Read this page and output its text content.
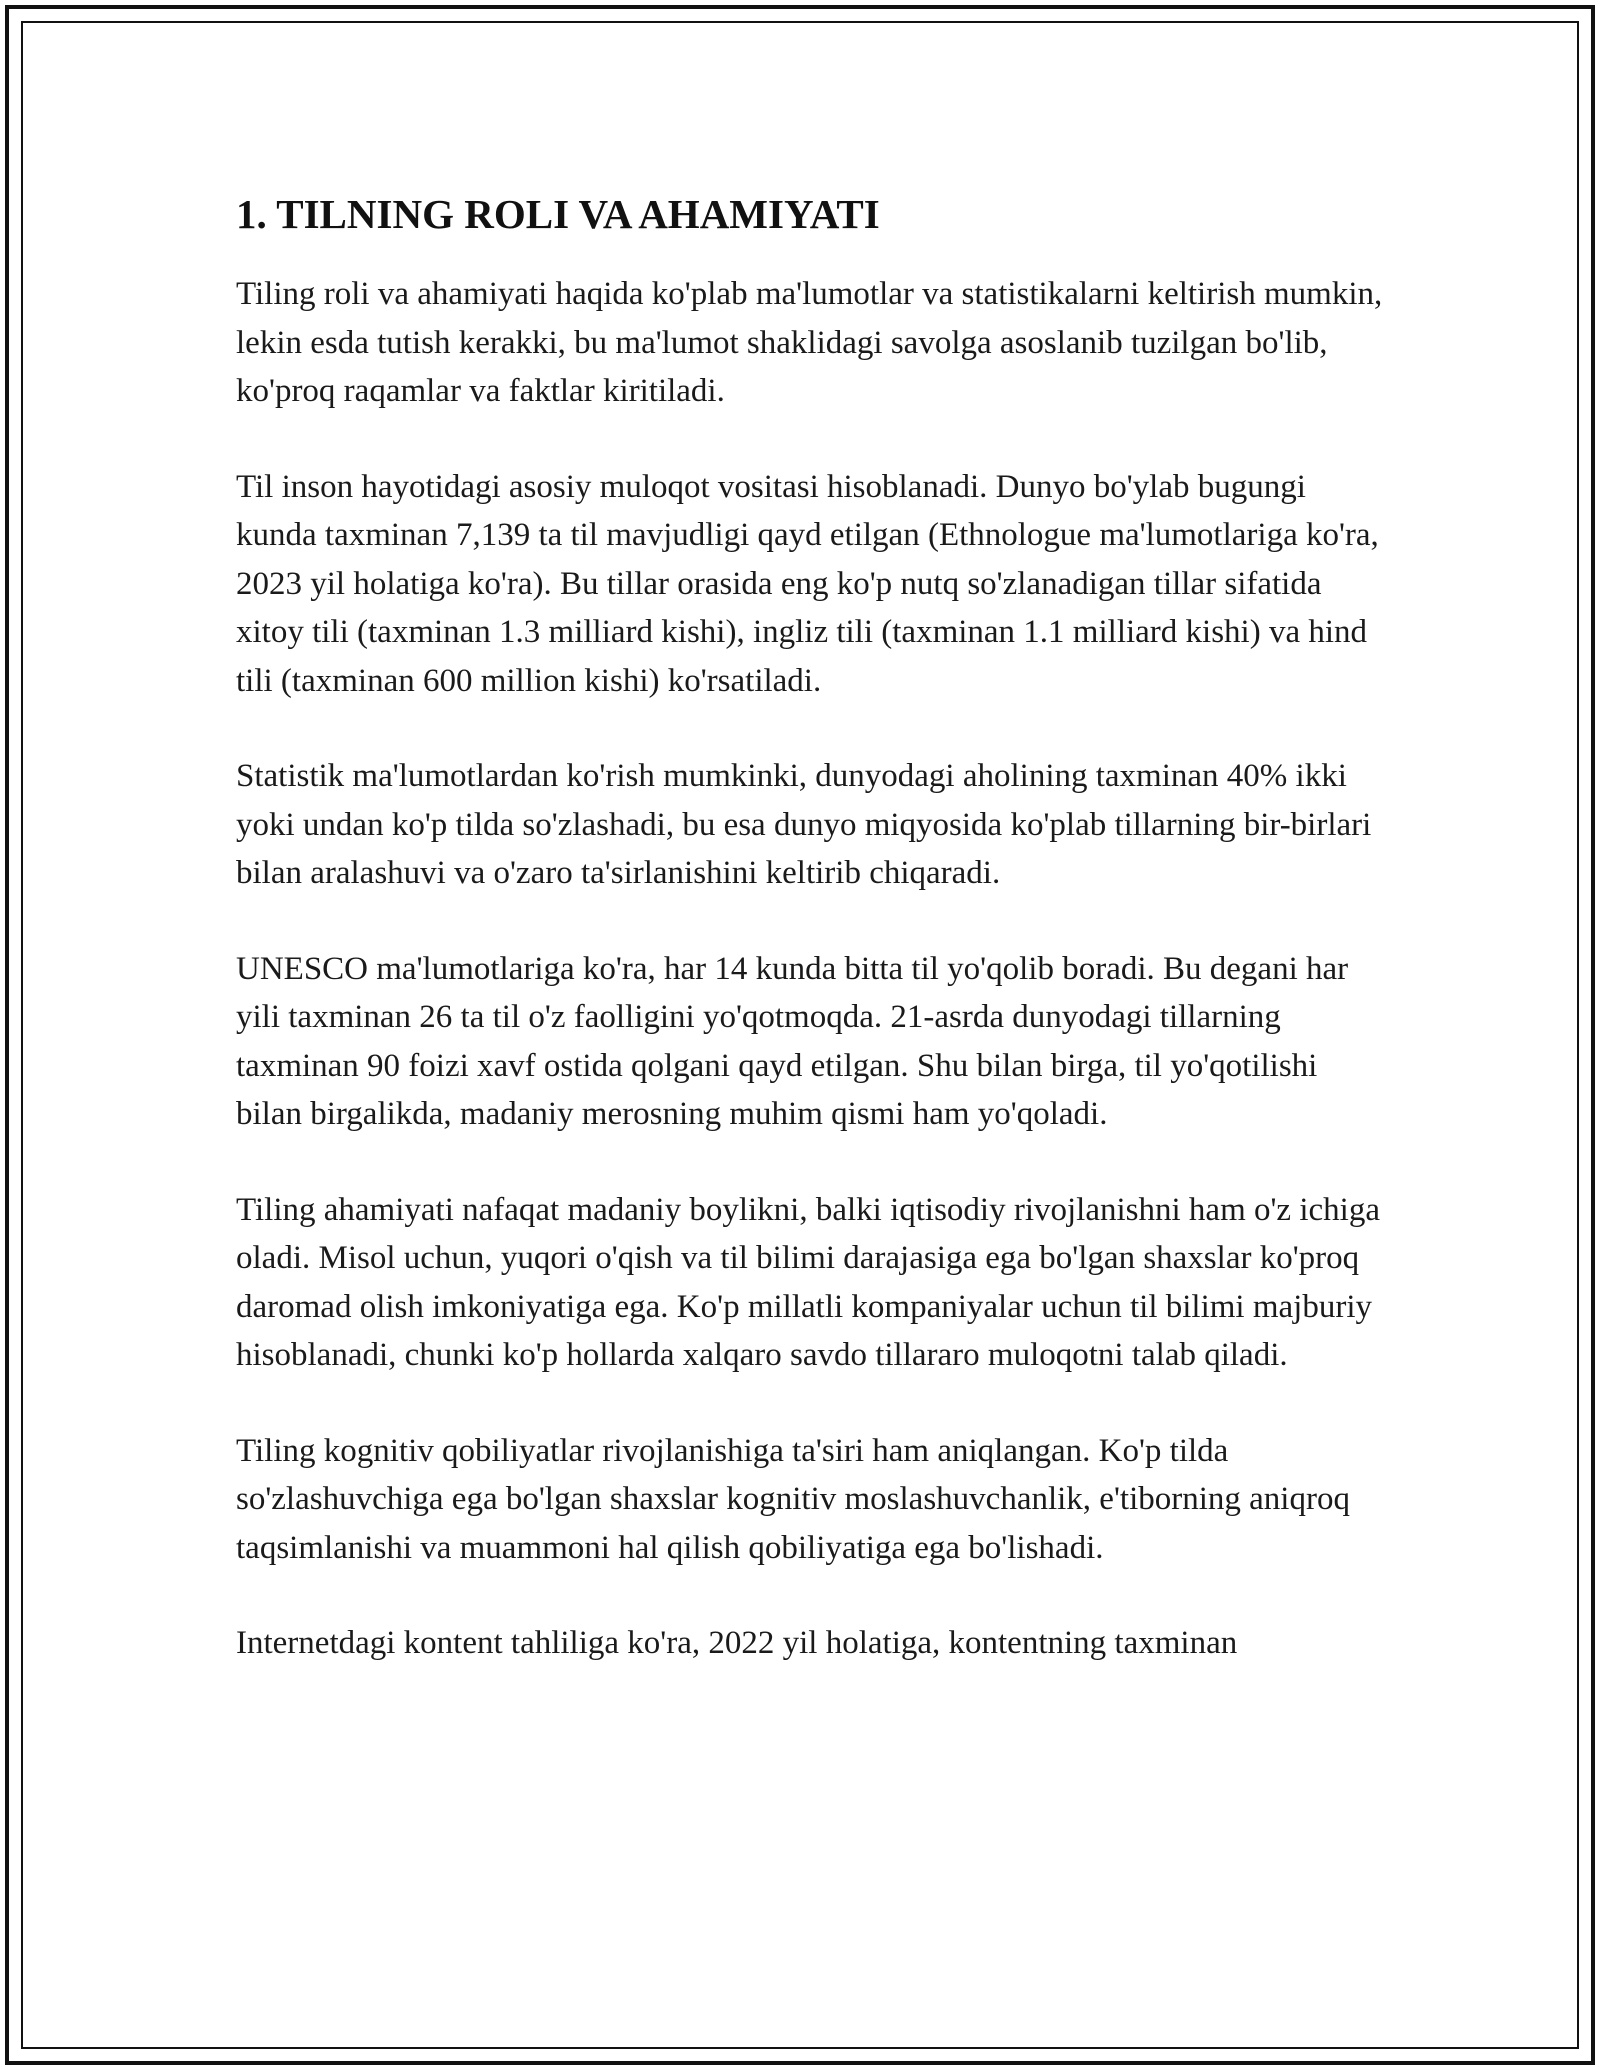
1. TILNING ROLI VA AHAMIYATI

Tiling roli va ahamiyati haqida ko'plab ma'lumotlar va statistikalarni keltirish mumkin, lekin esda tutish kerakki, bu ma'lumot shaklidagi savolga asoslanib tuzilgan bo'lib, ko'proq raqamlar va faktlar kiritiladi.

Til inson hayotidagi asosiy muloqot vositasi hisoblanadi. Dunyo bo'ylab bugungi kunda taxminan 7,139 ta til mavjudligi qayd etilgan (Ethnologue ma'lumotlariga ko'ra, 2023 yil holatiga ko'ra). Bu tillar orasida eng ko'p nutq so'zlanadigan tillar sifatida xitoy tili (taxminan 1.3 milliard kishi), ingliz tili (taxminan 1.1 milliard kishi) va hind tili (taxminan 600 million kishi) ko'rsatiladi.

Statistik ma'lumotlardan ko'rish mumkinki, dunyodagi aholining taxminan 40% ikki yoki undan ko'p tilda so'zlashadi, bu esa dunyo miqyosida ko'plab tillarning bir-birlari bilan aralashuvi va o'zaro ta'sirlanishini keltirib chiqaradi.

UNESCO ma'lumotlariga ko'ra, har 14 kunda bitta til yo'qolib boradi. Bu degani har yili taxminan 26 ta til o'z faolligini yo'qotmoqda. 21-asrda dunyodagi tillarning taxminan 90 foizi xavf ostida qolgani qayd etilgan. Shu bilan birga, til yo'qotilishi bilan birgalikda, madaniy merosning muhim qismi ham yo'qoladi.

Tiling ahamiyati nafaqat madaniy boylikni, balki iqtisodiy rivojlanishni ham o'z ichiga oladi. Misol uchun, yuqori o'qish va til bilimi darajasiga ega bo'lgan shaxslar ko'proq daromad olish imkoniyatiga ega. Ko'p millatli kompaniyalar uchun til bilimi majburiy hisoblanadi, chunki ko'p hollarda xalqaro savdo tillararo muloqotni talab qiladi.

Tiling kognitiv qobiliyatlar rivojlanishiga ta'siri ham aniqlangan. Ko'p tilda so'zlashuvchiga ega bo'lgan shaxslar kognitiv moslashuvchanlik, e'tiborning aniqroq taqsimlanishi va muammoni hal qilish qobiliyatiga ega bo'lishadi.

Internetdagi kontent tahliliga ko'ra, 2022 yil holatiga, kontentning taxminan
